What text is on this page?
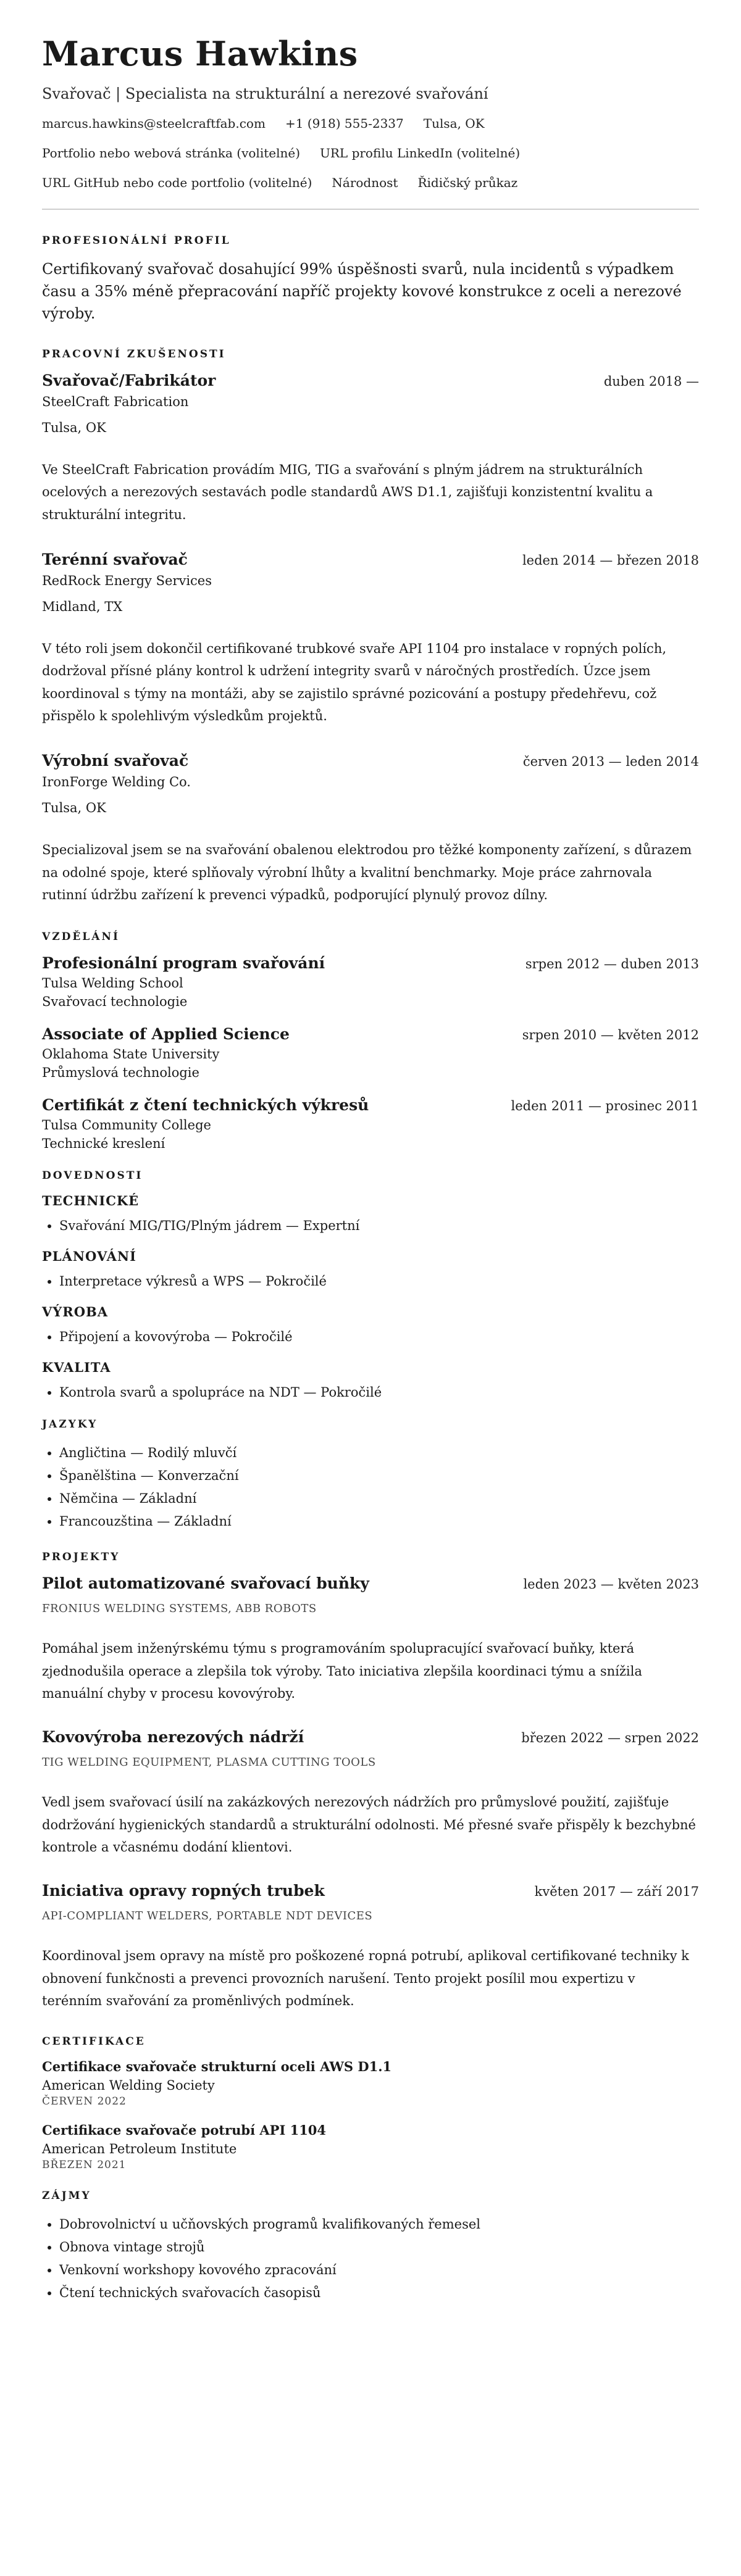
Marcus Hawkins
Svařovač | Specialista na strukturální a nerezové svařování
marcus.hawkins@steelcraftfab.com +1 (918) 555-2337 Tulsa, OK
Portfolio nebo webová stránka (volitelné) URL profilu LinkedIn (volitelné)
URL GitHub nebo code portfolio (volitelné) Národnost Řidičský průkaz
PROFESIONÁLNÍ PROFIL

Certifikovaný svařovač dosahující 99% úspěšnosti svarů, nula incidentů s výpadkem času a 35% méně přepracování napříč projekty kovové konstrukce z oceli a nerezové výroby.

PRACOVNÍ ZKUŠENOSTI
Svařovač/Fabrikátor	duben 2018 —
SteelCraft Fabrication
Tulsa, OK
Ve SteelCraft Fabrication provádím MIG, TIG a svařování s plným jádrem na strukturálních ocelových a nerezových sestavách podle standardů AWS D1.1, zajišťuji konzistentní kvalitu a strukturální integritu.
Terénní svařovač	leden 2014 — březen 2018
RedRock Energy Services
Midland, TX
V této roli jsem dokončil certifikované trubkové svaře API 1104 pro instalace v ropných polích, dodržoval přísné plány kontrol k udržení integrity svarů v náročných prostředích. Úzce jsem koordinoval s týmy na montáži, aby se zajistilo správné pozicování a postupy předehřevu, což přispělo k spolehlivým výsledkům projektů.
Výrobní svařovač	červen 2013 — leden 2014
IronForge Welding Co.
Tulsa, OK
Specializoval jsem se na svařování obalenou elektrodou pro těžké komponenty zařízení, s důrazem na odolné spoje, které splňovaly výrobní lhůty a kvalitní benchmarky. Moje práce zahrnovala rutinní údržbu zařízení k prevenci výpadků, podporující plynulý provoz dílny.
VZDĚLÁNÍ
Profesionální program svařování	srpen 2012 — duben 2013
Tulsa Welding School
Svařovací technologie
Associate of Applied Science	srpen 2010 — květen 2012
Oklahoma State University
Průmyslová technologie
Certifikát z čtení technických výkresů	leden 2011 — prosinec 2011
Tulsa Community College
Technické kreslení
DOVEDNOSTI
TECHNICKÉ
• Svařování MIG/TIG/Plným jádrem — Expertní
PLÁNOVÁNÍ
• Interpretace výkresů a WPS — Pokročilé
VÝROBA
• Připojení a kovovýroba — Pokročilé
KVALITA
• Kontrola svarů a spolupráce na NDT — Pokročilé
JAZYKY
• Angličtina — Rodilý mluvčí
• Španělština — Konverzační
• Němčina — Základní
• Francouzština — Základní
PROJEKTY
Pilot automatizované svařovací buňky	leden 2023 — květen 2023
FRONIUS WELDING SYSTEMS, ABB ROBOTS
Pomáhal jsem inženýrskému týmu s programováním spolupracující svařovací buňky, která zjednodušila operace a zlepšila tok výroby. Tato iniciativa zlepšila koordinaci týmu a snížila manuální chyby v procesu kovovýroby.
Kovovýroba nerezových nádrží	březen 2022 — srpen 2022
TIG WELDING EQUIPMENT, PLASMA CUTTING TOOLS
Vedl jsem svařovací úsilí na zakázkových nerezových nádržích pro průmyslové použití, zajišťuje dodržování hygienických standardů a strukturální odolnosti. Mé přesné svaře přispěly k bezchybné kontrole a včasnému dodání klientovi.
Iniciativa opravy ropných trubek	květen 2017 — září 2017
API-COMPLIANT WELDERS, PORTABLE NDT DEVICES
Koordinoval jsem opravy na místě pro poškozené ropná potrubí, aplikoval certifikované techniky k obnovení funkčnosti a prevenci provozních narušení. Tento projekt posílil mou expertizu v terénním svařování za proměnlivých podmínek.
CERTIFIKACE
Certifikace svařovače strukturní oceli AWS D1.1
American Welding Society
ČERVEN 2022
Certifikace svařovače potrubí API 1104
American Petroleum Institute
BŘEZEN 2021
ZÁJMY
• Dobrovolnictví u učňovských programů kvalifikovaných řemesel
• Obnova vintage strojů
• Venkovní workshopy kovového zpracování
• Čtení technických svařovacích časopisů
